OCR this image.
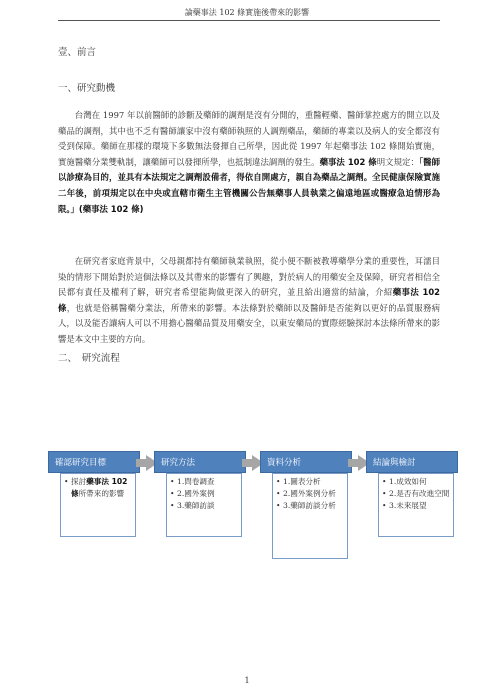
論藥事法 102 條實施後帶來的影響
壹、前言
一、研究動機

台灣在 1997 年以前醫師的診斷及藥師的調劑是沒有分開的，重醫輕藥、醫師掌控處方的開立以及藥品的調劑，其中也不乏有醫師讓家中沒有藥師執照的人調劑藥品，藥師的專業以及病人的安全都沒有受到保障。藥師在那樣的環境下多數無法發揮自己所學，因此從 1997 年起藥事法 102 條開始實施，實施醫藥分業雙軌制，讓藥師可以發揮所學，也抵制違法調劑的發生。藥事法 102 條明文規定：「醫師以診療為目的，並具有本法規定之調劑設備者，得依自開處方，親自為藥品之調劑。全民健康保險實施二年後，前項規定以在中央或直轄市衛生主管機關公告無藥事人員執業之偏遠地區或醫療急迫情形為限。」(藥事法 102 條)

在研究者家庭背景中，父母親都持有藥師執業執照，從小便不斷被教導藥學分業的重要性，耳濡目染的情形下開始對於這個法條以及其帶來的影響有了興趣，對於病人的用藥安全及保障，研究者相信全民都有責任及權利了解，研究者希望能夠做更深入的研究，並且給出適當的結論，介紹藥事法 102 條，也就是俗稱醫藥分業法，所帶來的影響。本法條對於藥師以及醫師是否能夠以更好的品質服務病人，以及能否讓病人可以不用擔心醫藥品質及用藥安全，以東安藥局的實際經驗探討本法條所帶來的影響是本文中主要的方向。

二、　研究流程
確認研究目標
• 探討藥事法 102條所帶來的影響
研究方法
• 1.問卷調查
• 2.國外案例
• 3.藥師訪談
資料分析
• 1.圖表分析
• 2.國外案例分析
• 3.藥師訪談分析
結論與檢討
• 1.成效如何
• 2.是否有改進空間
• 3.未來展望
1
